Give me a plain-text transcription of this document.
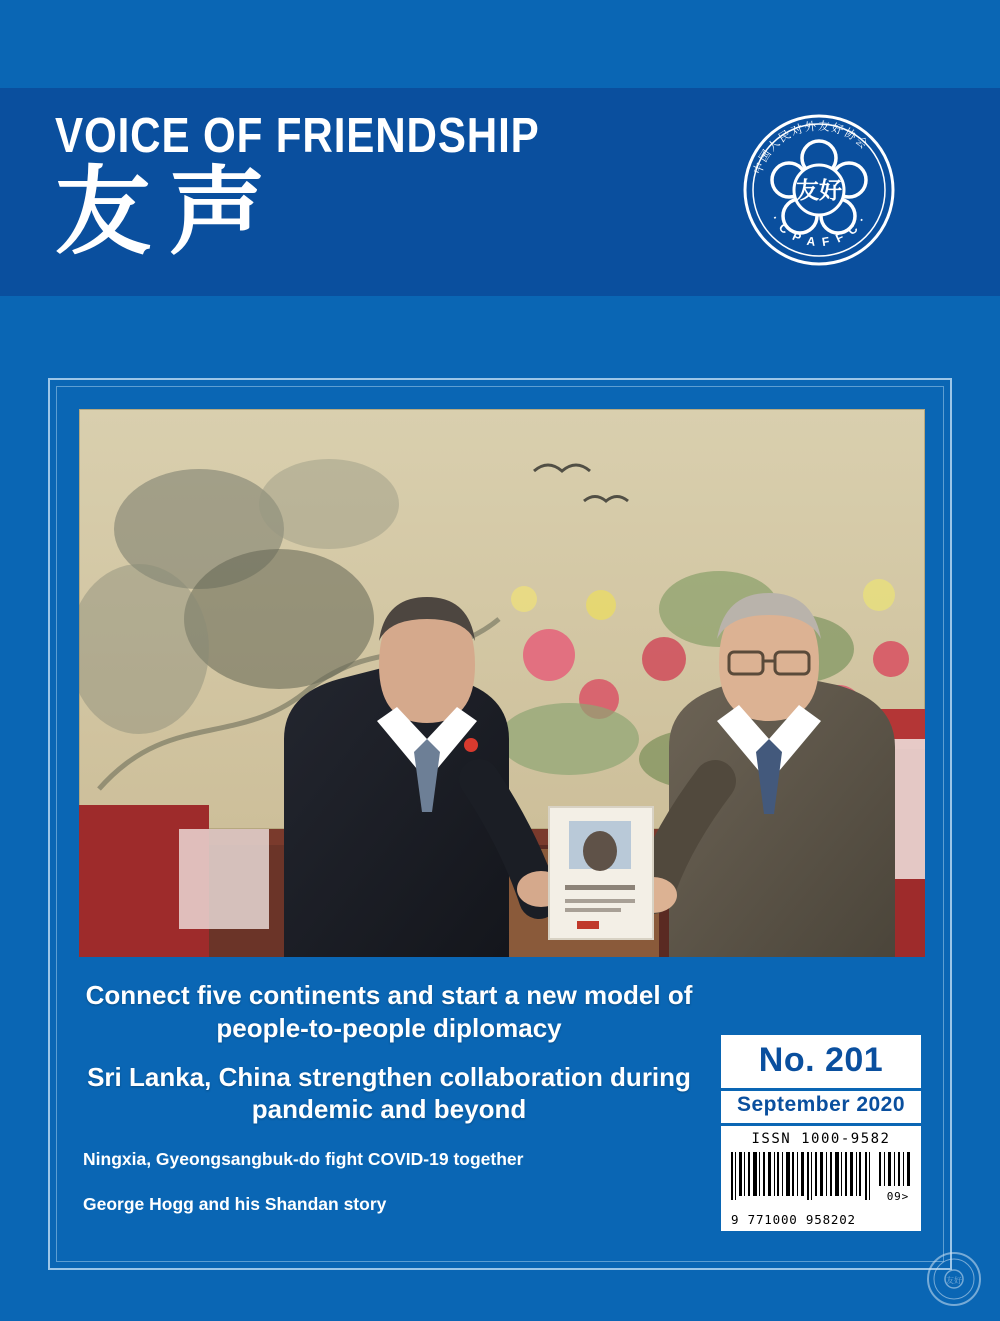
VOICE OF FRIENDSHIP
友声	友好
中国人民对外友好协会
· C P A F F C ·
Connect five continents and start a new model of people-to-people diplomacy
Sri Lanka, China strengthen collaboration during pandemic and beyond
Ningxia, Gyeongsangbuk-do fight COVID-19 together
George Hogg and his Shandan story
No. 201
September 2020
ISSN 1000-9582
09>
9 771000 958202
友好
